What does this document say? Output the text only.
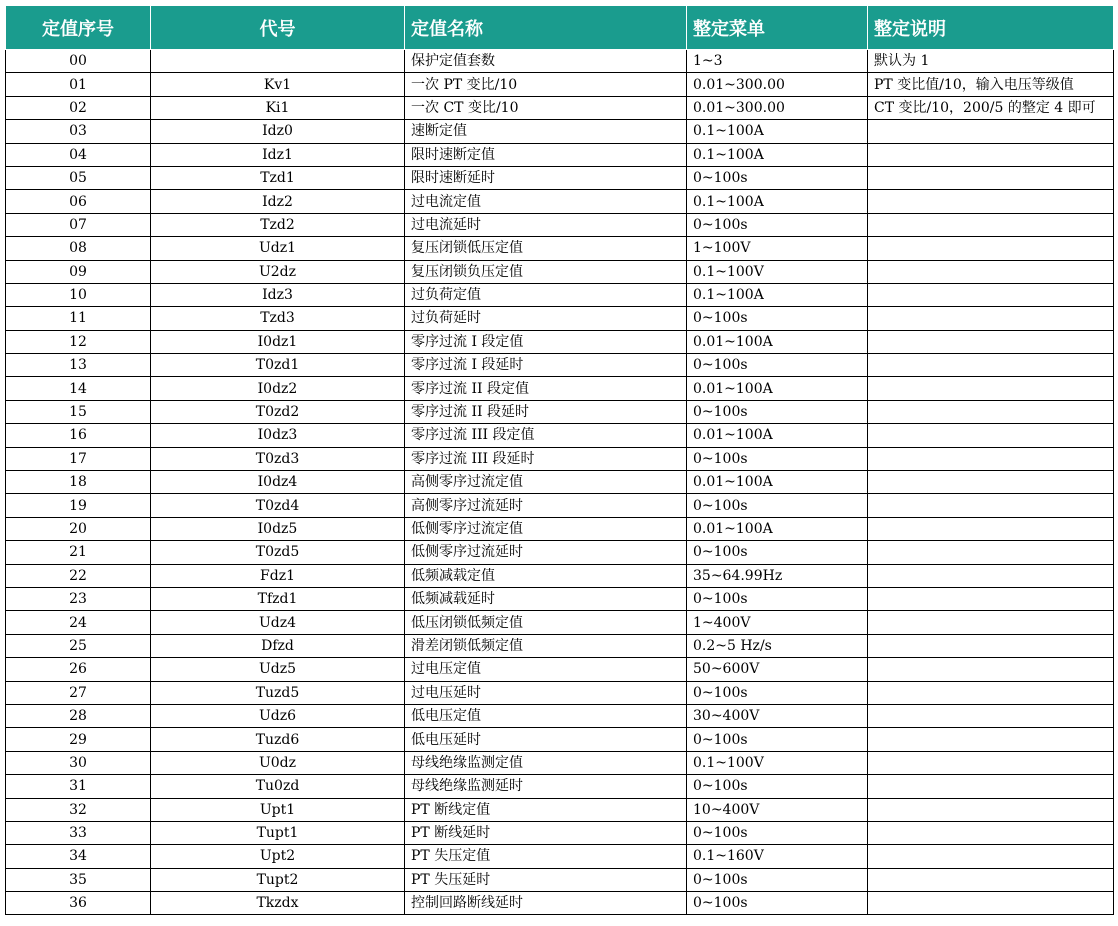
定值序号	代号	定值名称	整定菜单	整定说明
00		保护定值套数	1~3	默认为 1
01	Kv1	一次 PT 变比/10	0.01~300.00	PT 变比值/10，输入电压等级值
02	Ki1	一次 CT 变比/10	0.01~300.00	CT 变比/10，200/5 的整定 4 即可
03	Idz0	速断定值	0.1~100A	
04	Idz1	限时速断定值	0.1~100A	
05	Tzd1	限时速断延时	0~100s	
06	Idz2	过电流定值	0.1~100A	
07	Tzd2	过电流延时	0~100s	
08	Udz1	复压闭锁低压定值	1~100V	
09	U2dz	复压闭锁负压定值	0.1~100V	
10	Idz3	过负荷定值	0.1~100A	
11	Tzd3	过负荷延时	0~100s	
12	I0dz1	零序过流 I 段定值	0.01~100A	
13	T0zd1	零序过流 I 段延时	0~100s	
14	I0dz2	零序过流 II 段定值	0.01~100A	
15	T0zd2	零序过流 II 段延时	0~100s	
16	I0dz3	零序过流 III 段定值	0.01~100A	
17	T0zd3	零序过流 III 段延时	0~100s	
18	I0dz4	高侧零序过流定值	0.01~100A	
19	T0zd4	高侧零序过流延时	0~100s	
20	I0dz5	低侧零序过流定值	0.01~100A	
21	T0zd5	低侧零序过流延时	0~100s	
22	Fdz1	低频减载定值	35~64.99Hz	
23	Tfzd1	低频减载延时	0~100s	
24	Udz4	低压闭锁低频定值	1~400V	
25	Dfzd	滑差闭锁低频定值	0.2~5 Hz/s	
26	Udz5	过电压定值	50~600V	
27	Tuzd5	过电压延时	0~100s	
28	Udz6	低电压定值	30~400V	
29	Tuzd6	低电压延时	0~100s	
30	U0dz	母线绝缘监测定值	0.1~100V	
31	Tu0zd	母线绝缘监测延时	0~100s	
32	Upt1	PT 断线定值	10~400V	
33	Tupt1	PT 断线延时	0~100s	
34	Upt2	PT 失压定值	0.1~160V	
35	Tupt2	PT 失压延时	0~100s	
36	Tkzdx	控制回路断线延时	0~100s	
